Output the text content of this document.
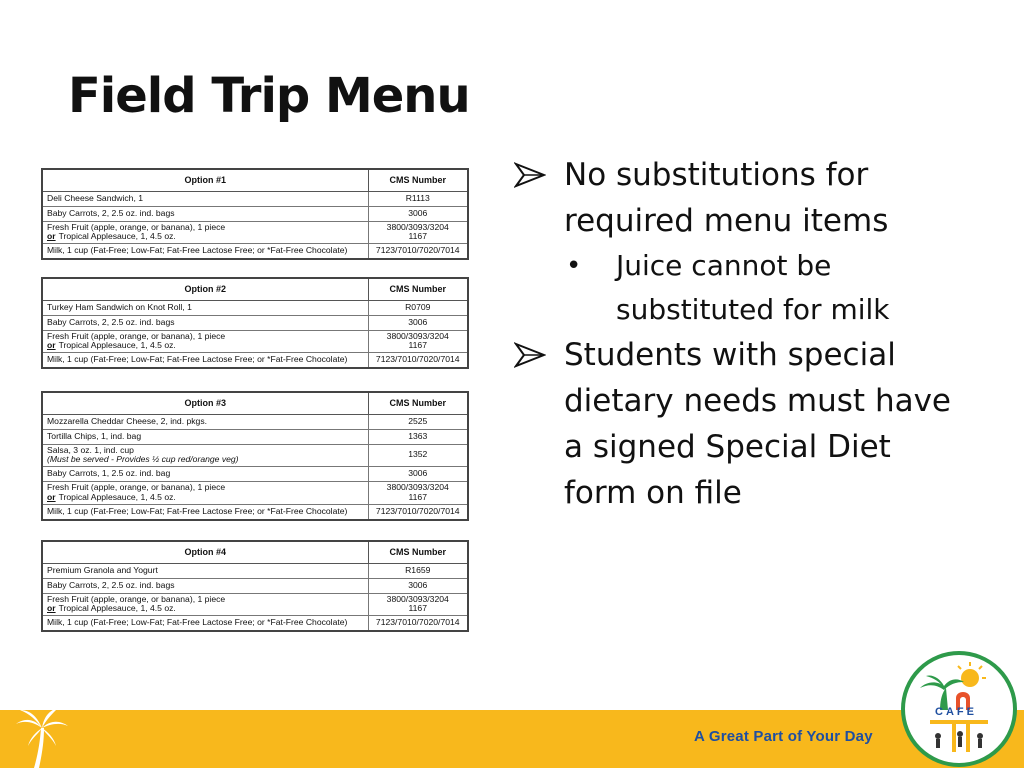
Field Trip Menu
Option #1	CMS Number

Deli Cheese Sandwich, 1	R1113

Baby Carrots, 2, 2.5 oz. ind. bags	3006

Fresh Fruit (apple, orange, or banana), 1 piece
or Tropical Applesauce, 1, 4.5 oz.	3800/3093/3204
1167

Milk, 1 cup (Fat-Free; Low-Fat; Fat-Free Lactose Free; or *Fat-Free Chocolate)	7123/7010/7020/7014
Option #2	CMS Number

Turkey Ham Sandwich on Knot Roll, 1	R0709

Baby Carrots, 2, 2.5 oz. ind. bags	3006

Fresh Fruit (apple, orange, or banana), 1 piece
or Tropical Applesauce, 1, 4.5 oz.	3800/3093/3204
1167

Milk, 1 cup (Fat-Free; Low-Fat; Fat-Free Lactose Free; or *Fat-Free Chocolate)	7123/7010/7020/7014
Option #3	CMS Number

Mozzarella Cheddar Cheese, 2, ind. pkgs.	2525

Tortilla Chips, 1, ind. bag	1363

Salsa, 3 oz. 1, ind. cup
(Must be served - Provides ½ cup red/orange veg)	1352

Baby Carrots, 1, 2.5 oz. ind. bag	3006

Fresh Fruit (apple, orange, or banana), 1 piece
or Tropical Applesauce, 1, 4.5 oz.	3800/3093/3204
1167

Milk, 1 cup (Fat-Free; Low-Fat; Fat-Free Lactose Free; or *Fat-Free Chocolate)	7123/7010/7020/7014
Option #4	CMS Number

Premium Granola and Yogurt	R1659

Baby Carrots, 2, 2.5 oz. ind. bags	3006

Fresh Fruit (apple, orange, or banana), 1 piece
or Tropical Applesauce, 1, 4.5 oz.	3800/3093/3204
1167

Milk, 1 cup (Fat-Free; Low-Fat; Fat-Free Lactose Free; or *Fat-Free Chocolate)	7123/7010/7020/7014
No substitutions for
required menu items
• Juice cannot be
substituted for milk
Students with special
dietary needs must have
a signed Special Diet
form on file
A Great Part of Your Day
CAFE
